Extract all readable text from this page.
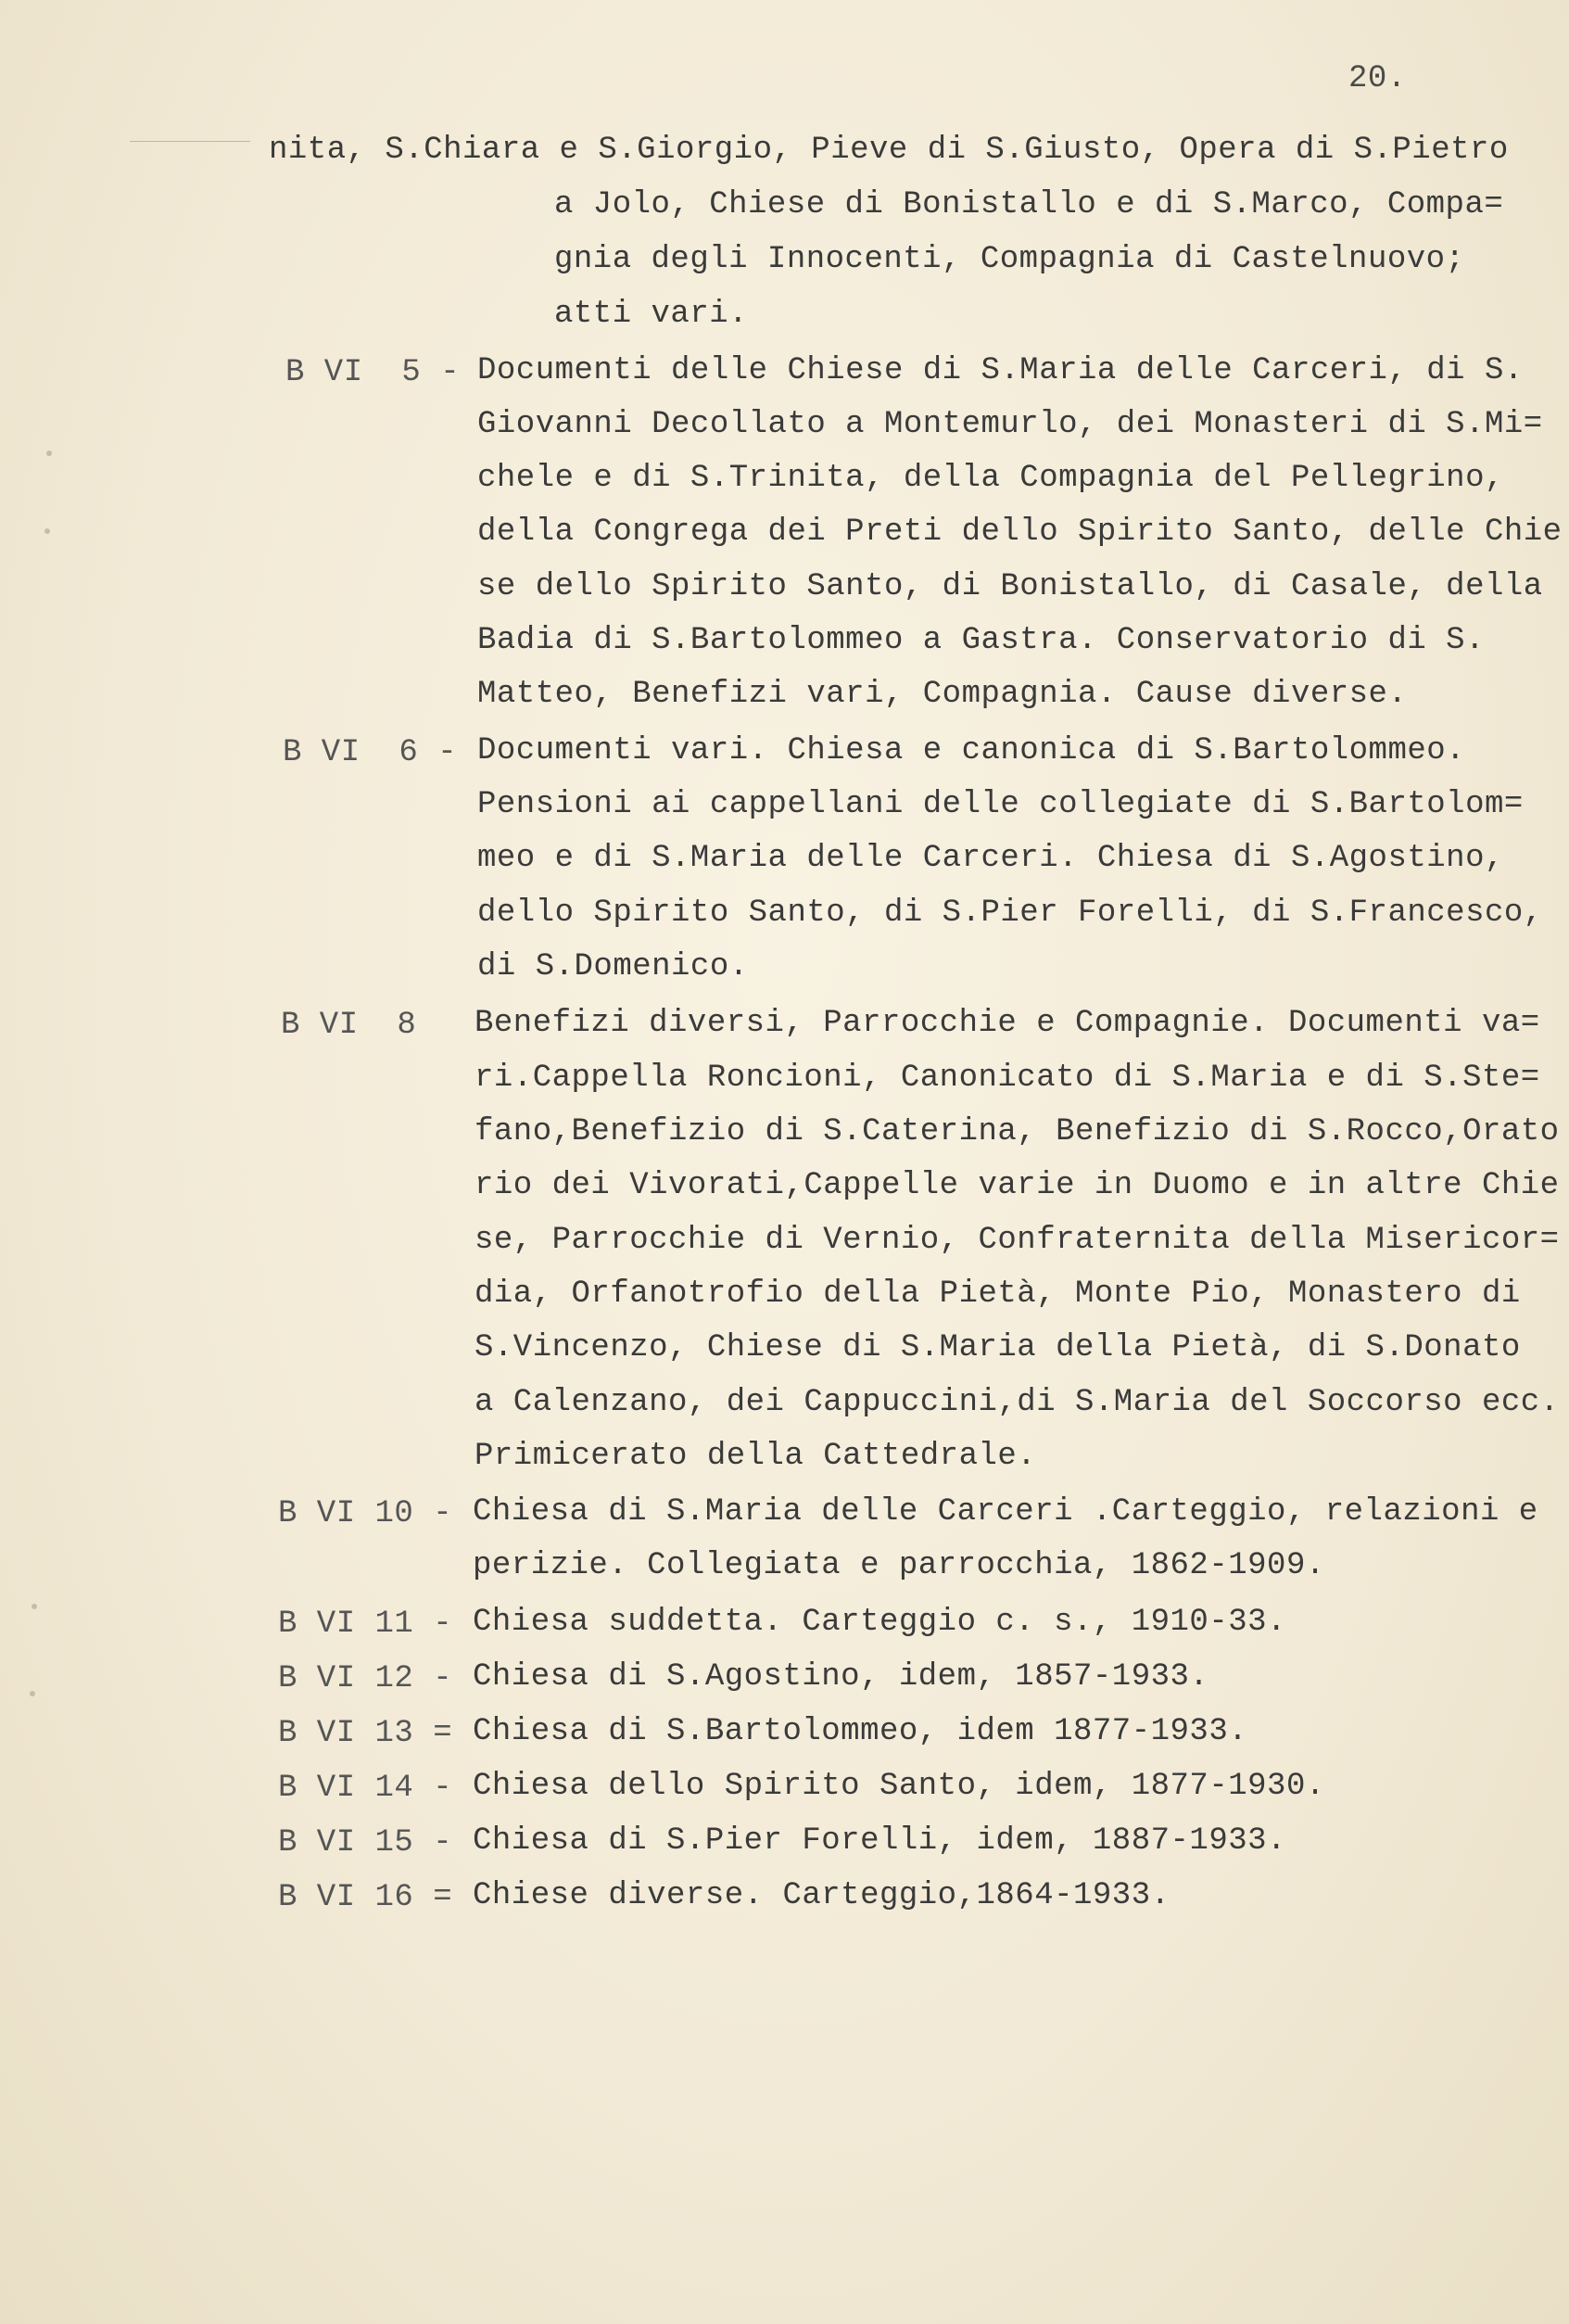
20.
nita, S.Chiara e S.Giorgio, Pieve di S.Giusto, Opera di S.Pietro
a Jolo, Chiese di Bonistallo e di S.Marco, Compa=
gnia degli Innocenti, Compagnia di Castelnuovo;
atti vari.
B VI  5 - Documenti delle Chiese di S.Maria delle Carceri, di S.
Giovanni Decollato a Montemurlo, dei Monasteri di S.Mi=
chele e di S.Trinita, della Compagnia del Pellegrino,
della Congrega dei Preti dello Spirito Santo, delle Chie
se dello Spirito Santo, di Bonistallo, di Casale, della
Badia di S.Bartolommeo a Gastra. Conservatorio di S.
Matteo, Benefizi vari, Compagnia. Cause diverse.
B VI  6 - Documenti vari. Chiesa e canonica di S.Bartolommeo.
Pensioni ai cappellani delle collegiate di S.Bartolom=
meo e di S.Maria delle Carceri. Chiesa di S.Agostino,
dello Spirito Santo, di S.Pier Forelli, di S.Francesco,
di S.Domenico.
B VI  8 Benefizi diversi, Parrocchie e Compagnie. Documenti va=
ri.Cappella Roncioni, Canonicato di S.Maria e di S.Ste=
fano,Benefizio di S.Caterina, Benefizio di S.Rocco,Orato
rio dei Vivorati,Cappelle varie in Duomo e in altre Chie
se, Parrocchie di Vernio, Confraternita della Misericor=
dia, Orfanotrofio della Pietà, Monte Pio, Monastero di
S.Vincenzo, Chiese di S.Maria della Pietà, di S.Donato
a Calenzano, dei Cappuccini,di S.Maria del Soccorso ecc.
Primicerato della Cattedrale.
B VI 10 - Chiesa di S.Maria delle Carceri .Carteggio, relazioni e
perizie. Collegiata e parrocchia, 1862-1909.
B VI 11 - Chiesa suddetta. Carteggio c. s., 1910-33.
B VI 12 - Chiesa di S.Agostino, idem, 1857-1933.
B VI 13 = Chiesa di S.Bartolommeo, idem 1877-1933.
B VI 14 - Chiesa dello Spirito Santo, idem, 1877-1930.
B VI 15 - Chiesa di S.Pier Forelli, idem, 1887-1933.
B VI 16 = Chiese diverse. Carteggio,1864-1933.
